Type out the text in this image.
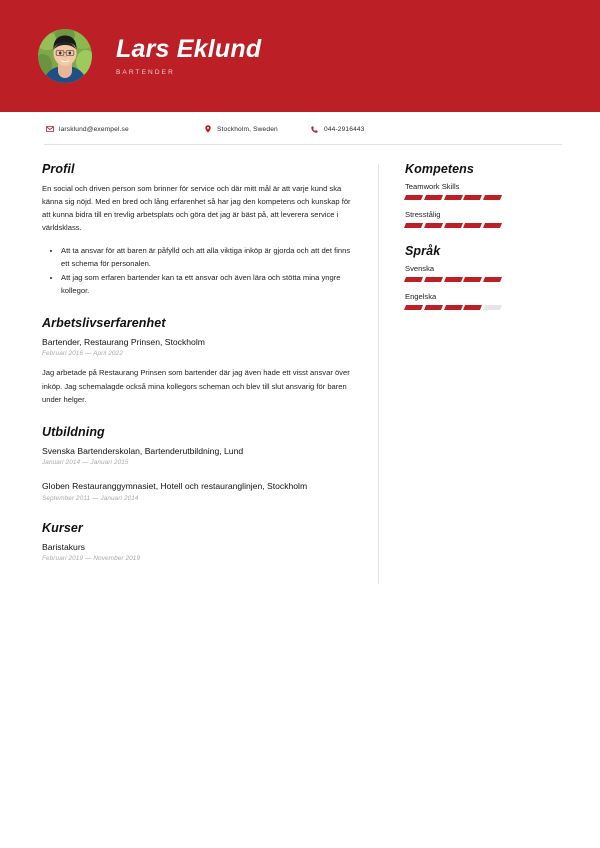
Lars Eklund
BARTENDER
larsklund@exempel.se	Stockholm, Sweden	044-2916443
Profil

En social och driven person som brinner för service och där mitt mål är att varje kund ska känna sig nöjd. Med en bred och lång erfarenhet så har jag den kompetens och kunskap för att kunna bidra till en trevlig arbetsplats och göra det jag är bäst på, att leverera service i världsklass.

• Att ta ansvar för att baren är påfylld och att alla viktiga inköp är gjorda och att det finns ett schema för personalen.
• Att jag som erfaren bartender kan ta ett ansvar och även lära och stötta mina yngre kollegor.
Arbetslivserfarenhet
Bartender, Restaurang Prinsen, Stockholm
Februari 2016 — April 2022
Jag arbetade på Restaurang Prinsen som bartender där jag även hade ett visst ansvar över inköp. Jag schemalagde också mina kollegors scheman och blev till slut ansvarig för baren under helger.
Utbildning
Svenska Bartenderskolan, Bartenderutbildning, Lund
Januari 2014 — Januari 2015
Globen Restauranggymnasiet, Hotell och restauranglinjen, Stockholm
September 2011 — Januari 2014
Kurser
Baristakurs
Februari 2019 — November 2019
Kompetens
Teamwork Skills
Stresstålig
Språk
Svenska
Engelska
